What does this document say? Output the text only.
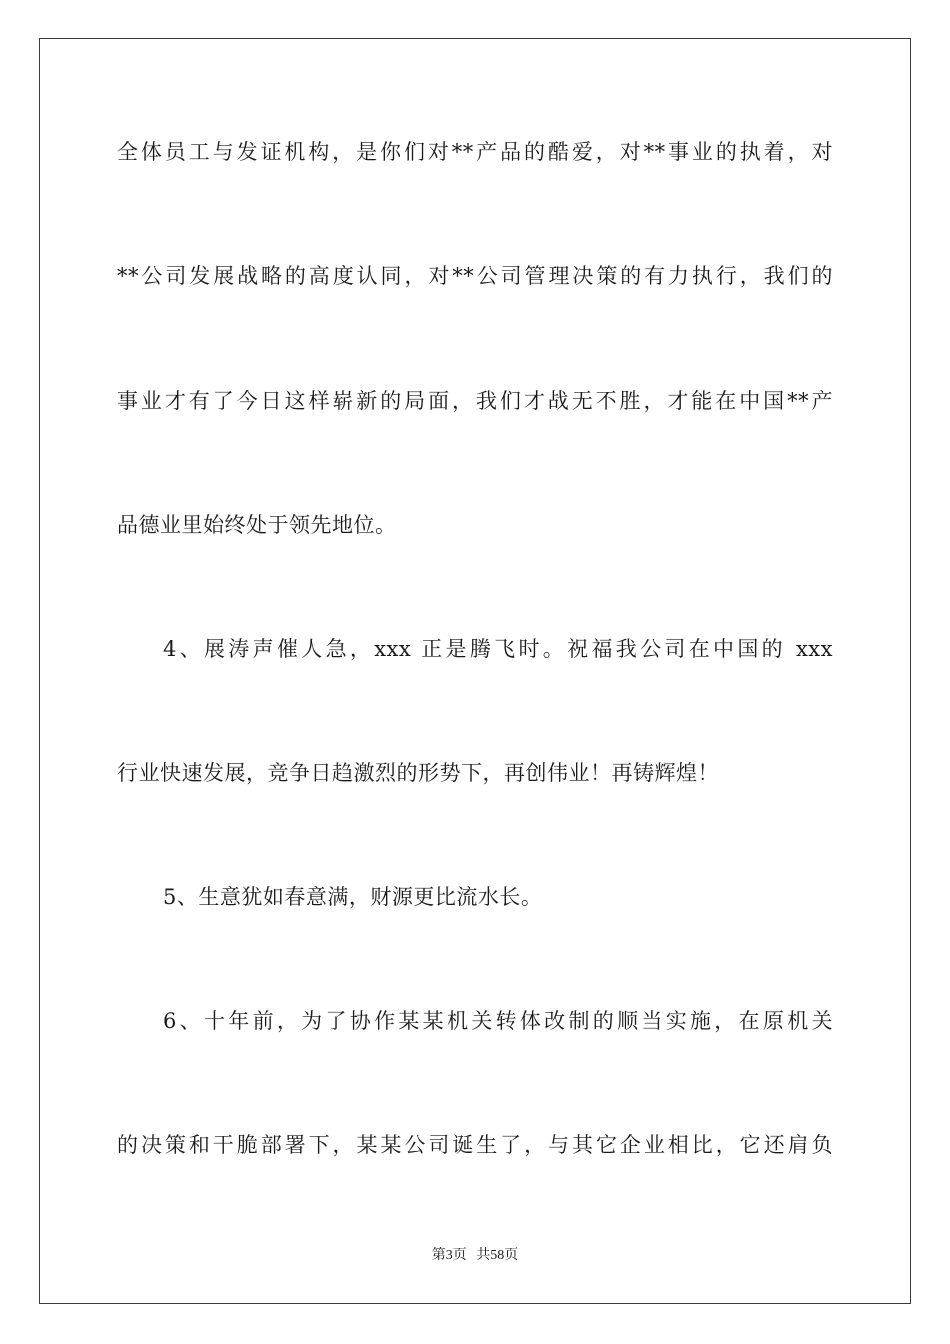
全体员工与发证机构，是你们对**产品的酷爱，对**事业的执着，对
**公司发展战略的高度认同，对**公司管理决策的有力执行，我们的
事业才有了今日这样崭新的局面，我们才战无不胜，才能在中国**产
品德业里始终处于领先地位。
4、展涛声催人急，xxx 正是腾飞时。祝福我公司在中国的 xxx
行业快速发展，竞争日趋激烈的形势下，再创伟业！再铸辉煌！
5、生意犹如春意满，财源更比流水长。
6、十年前，为了协作某某机关转体改制的顺当实施，在原机关
的决策和干脆部署下，某某公司诞生了，与其它企业相比，它还肩负
第3页 共58页
